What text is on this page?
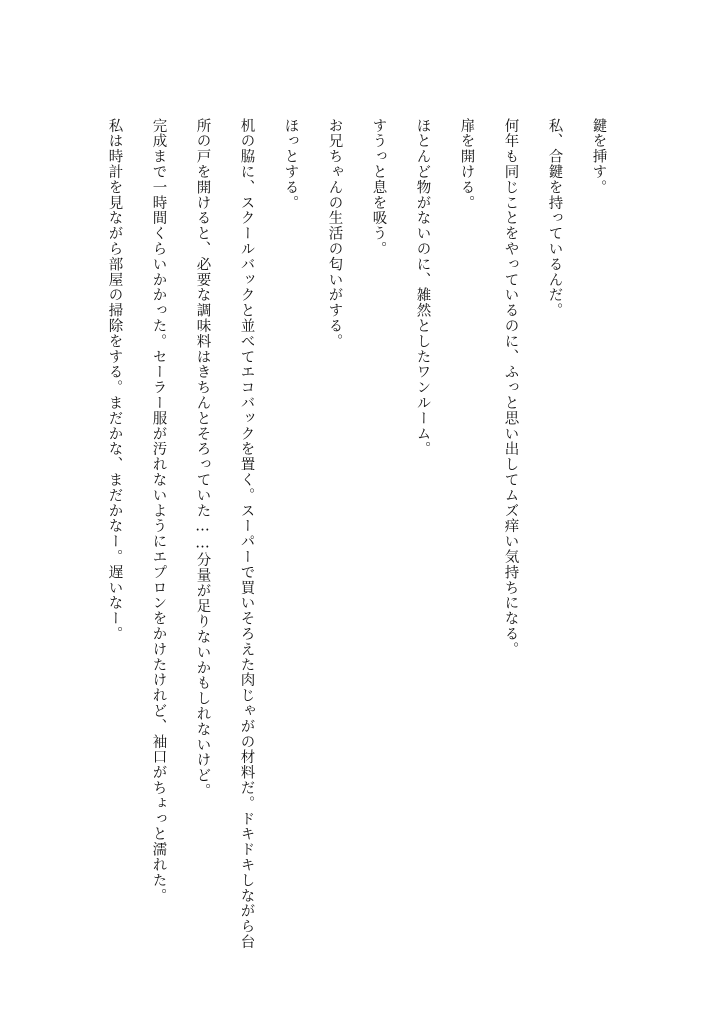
鍵を挿す。
私、合鍵を持っているんだ。
何年も同じことをやっているのに、ふっと思い出してムズ痒い気持ちになる。
扉を開ける。
ほとんど物がないのに、雑然としたワンルーム。
すうっと息を吸う。
お兄ちゃんの生活の匂いがする。
ほっとする。
机の脇に、スクールバックと並べてエコバックを置く。スーパーで買いそろえた肉じゃがの材料だ。ドキドキしながら台
所の戸を開けると、必要な調味料はきちんとそろっていた……分量が足りないかもしれないけど。
完成まで一時間くらいかかった。セーラー服が汚れないようにエプロンをかけたけれど、袖口がちょっと濡れた。
私は時計を見ながら部屋の掃除をする。まだかな、まだかなー。遅いなー。
